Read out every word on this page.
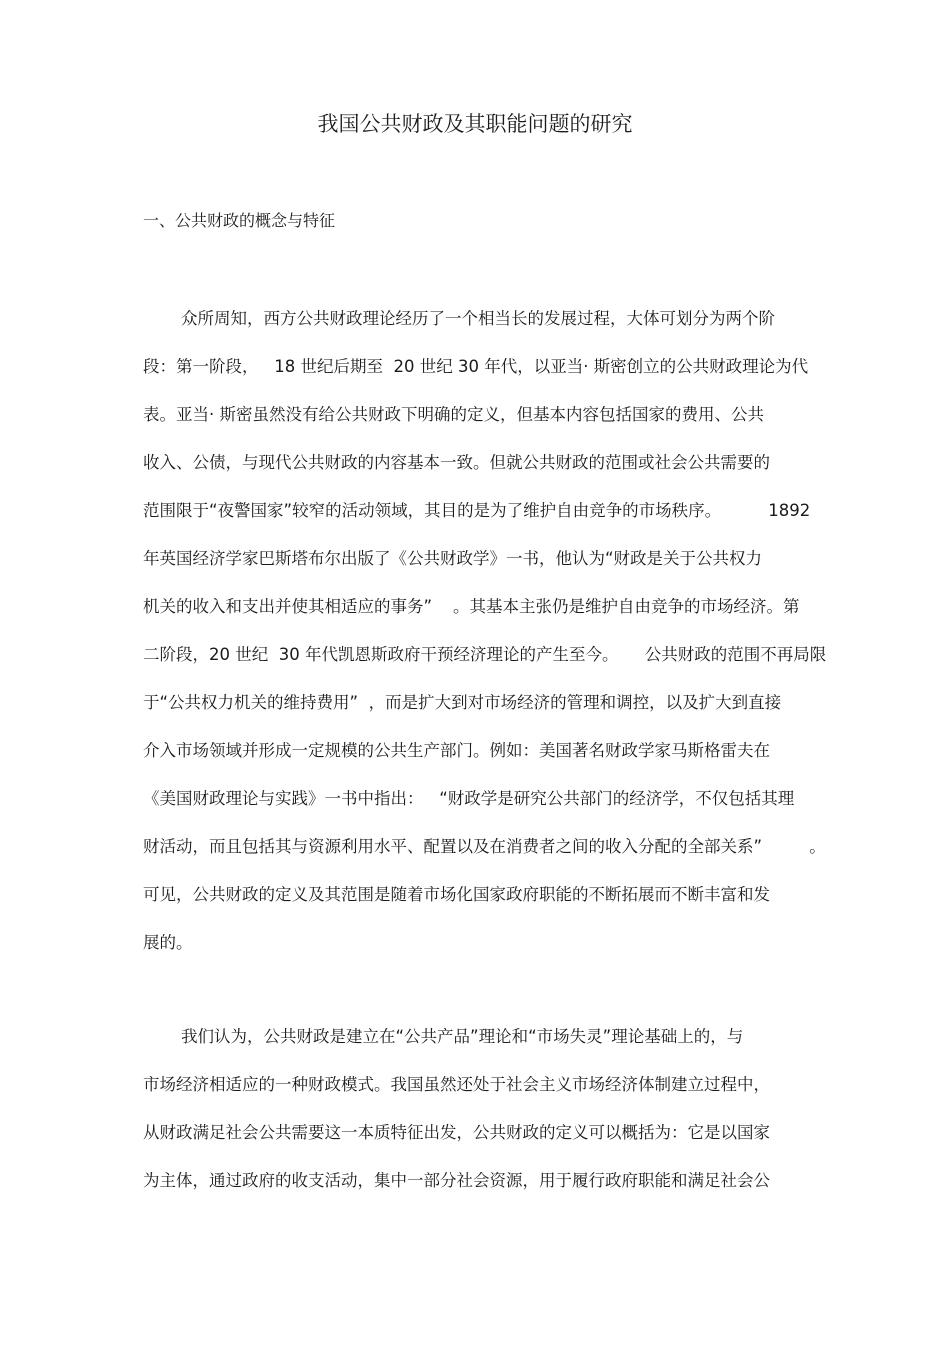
我国公共财政及其职能问题的研究
一、公共财政的概念与特征
众所周知，西方公共财政理论经历了一个相当长的发展过程，大体可划分为两个阶
段：第一阶段，   18 世纪后期至  20 世纪 30 年代，以亚当· 斯密创立的公共财政理论为代
表。亚当· 斯密虽然没有给公共财政下明确的定义，但基本内容包括国家的费用、公共
收入、公债，与现代公共财政的内容基本一致。但就公共财政的范围或社会公共需要的
范围限于“夜警国家”较窄的活动领域，其目的是为了维护自由竞争的市场秩序。         1892
年英国经济学家巴斯塔布尔出版了《公共财政学》一书，他认为“财政是关于公共权力
机关的收入和支出并使其相适应的事务”    。其基本主张仍是维护自由竞争的市场经济。第
二阶段，20 世纪  30 年代凯恩斯政府干预经济理论的产生至今。     公共财政的范围不再局限
于“公共权力机关的维持费用”  ，而是扩大到对市场经济的管理和调控，以及扩大到直接
介入市场领域并形成一定规模的公共生产部门。例如：美国著名财政学家马斯格雷夫在
《美国财政理论与实践》一书中指出：   “财政学是研究公共部门的经济学，不仅包括其理
财活动，而且包括其与资源利用水平、配置以及在消费者之间的收入分配的全部关系”         。
可见，公共财政的定义及其范围是随着市场化国家政府职能的不断拓展而不断丰富和发
展的。
我们认为，公共财政是建立在“公共产品”理论和“市场失灵”理论基础上的，与
市场经济相适应的一种财政模式。我国虽然还处于社会主义市场经济体制建立过程中，
从财政满足社会公共需要这一本质特征出发，公共财政的定义可以概括为：它是以国家
为主体，通过政府的收支活动，集中一部分社会资源，用于履行政府职能和满足社会公
